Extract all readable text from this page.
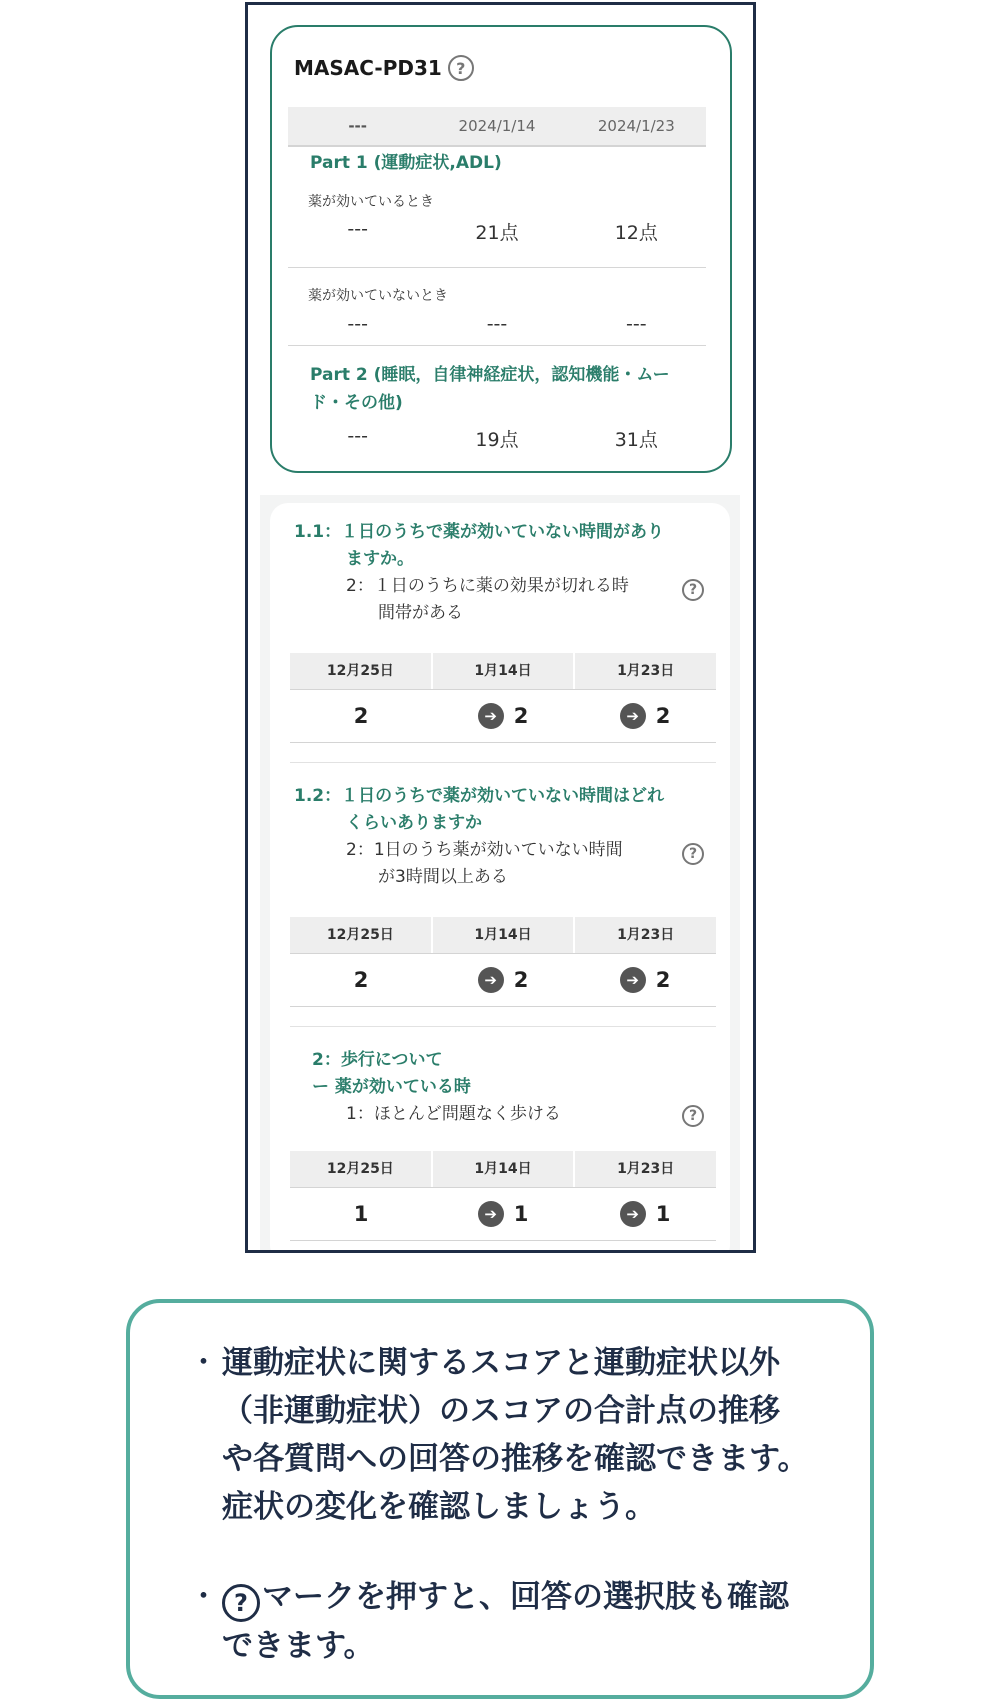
MASAC-PD31 ?
---	2024/1/14	2024/1/23
Part 1 (運動症状,ADL)
薬が効いているとき
---	21点	12点
薬が効いていないとき
---	---	---
Part 2 (睡眠，自律神経症状，認知機能・ムー
ド・その他)
---	19点	31点
1.1：１日のうちで薬が効いていない時間があり
ますか。
2：１日のうちに薬の効果が切れる時
間帯がある
?
12月25日	1月14日	1月23日
2	➔ 2	➔ 2
1.2：１日のうちで薬が効いていない時間はどれ
くらいありますか
2：1日のうち薬が効いていない時間
が3時間以上ある
?
12月25日	1月14日	1月23日
2	➔ 2	➔ 2
2：歩行について
ー 薬が効いている時
1：ほとんど問題なく歩ける	?
12月25日	1月14日	1月23日
1	➔ 1	➔ 1
・ 運動症状に関するスコアと運動症状以外
（非運動症状）のスコアの合計点の推移
や各質問への回答の推移を確認できます。
症状の変化を確認しましょう。
・ ? マークを押すと、回答の選択肢も確認
できます。
